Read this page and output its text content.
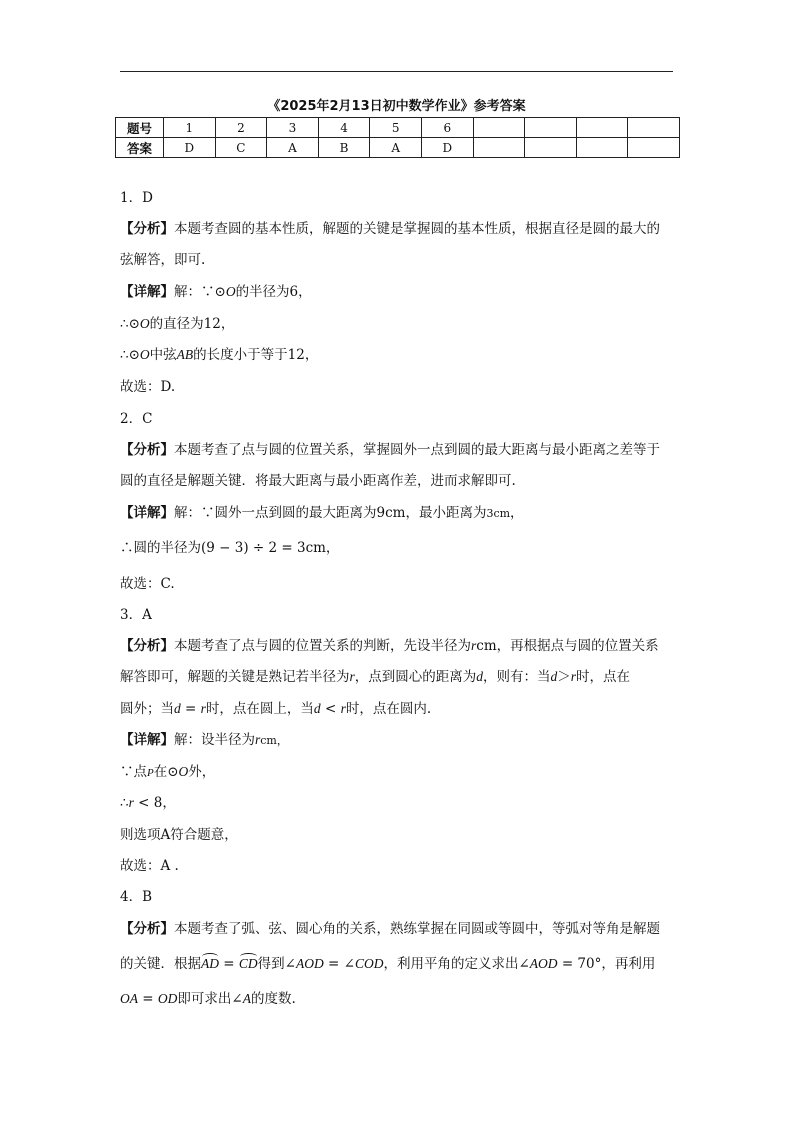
《2025年2月13日初中数学作业》参考答案
题号	1	2	3	4	5	6				
答案	D	C	A	B	A	D				
1．D
【分析】本题考查圆的基本性质，解题的关键是掌握圆的基本性质，根据直径是圆的最大的
弦解答，即可.
【详解】解：∵⊙O的半径为6，
∴⊙O的直径为12，
∴⊙O中弦AB的长度小于等于12，
故选：D.
2．C
【分析】本题考查了点与圆的位置关系，掌握圆外一点到圆的最大距离与最小距离之差等于
圆的直径是解题关键．将最大距离与最小距离作差，进而求解即可.
【详解】解：∵圆外一点到圆的最大距离为9cm，最小距离为3cm，
∴圆的半径为(9 − 3) ÷ 2 = 3cm，
故选：C.
3．A
【分析】本题考查了点与圆的位置关系的判断，先设半径为rcm，再根据点与圆的位置关系
解答即可，解题的关键是熟记若半径为r，点到圆心的距离为d，则有：当d＞r时，点在
圆外；当d = r时，点在圆上，当d < r时，点在圆内.
【详解】解：设半径为rcm，
∵点P在⊙O外，
∴r < 8，
则选项A符合题意，
故选：A .
4．B
【分析】本题考查了弧、弦、圆心角的关系，熟练掌握在同圆或等圆中，等弧对等角是解题
的关键．根据AD = CD得到∠AOD = ∠COD，利用平角的定义求出∠AOD = 70°，再利用
OA = OD即可求出∠A的度数.
